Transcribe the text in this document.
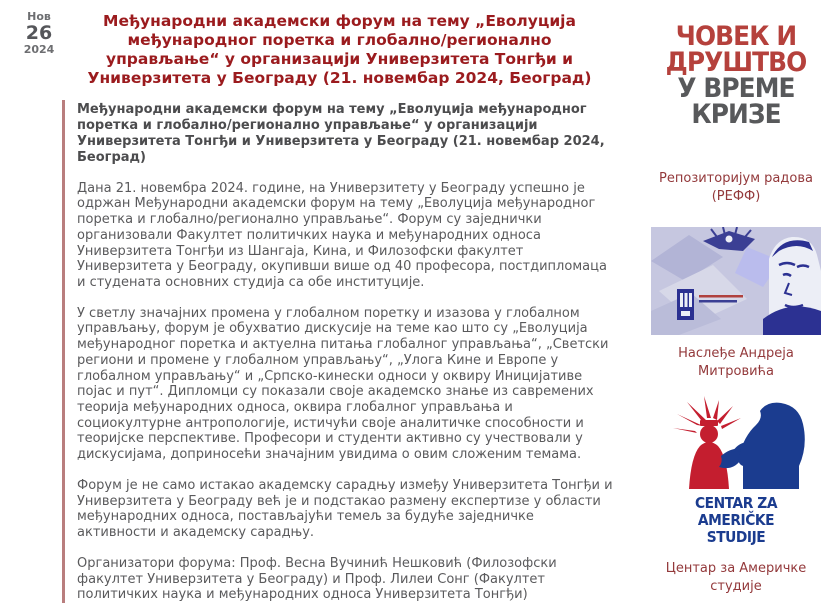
Нов
26
2024
Међународни академски форум на тему „Еволуција међународног поретка и глобално/регионално управљање“ у организацији Универзитета Тонгђи и Универзитета у Београду (21. новембар 2024, Београд)

Међународни академски форум на тему „Еволуција међународног поретка и глобално/регионално управљање“ у организацији Универзитета Тонгђи и Универзитета у Београду (21. новембар 2024, Београд)

Дана 21. новембра 2024. године, на Универзитету у Београду успешно је одржан Међународни академски форум на тему „Еволуција међународног поретка и глобално/регионално управљање“. Форум су заједнички организовали Факултет политичких наука и међународних односа Универзитета Тонгђи из Шангаја, Кина, и Филозофски факултет Универзитета у Београду, окупивши више од 40 професора, постдипломаца и студената основних студија са обе институције.

У светлу значајних промена у глобалном поретку и изазова у глобалном управљању, форум је обухватио дискусије на теме као што су „Еволуција међународног поретка и актуелна питања глобалног управљања“, „Светски региони и промене у глобалном управљању“, „Улога Кине и Европе у глобалном управљању“ и „Српско-кинески односи у оквиру Иницијативе појас и пут“. Дипломци су показали своје академско знање из савремених теорија међународних односа, оквира глобалног управљања и социокултурне антропологије, истичући своје аналитичке способности и теоријске перспективе. Професори и студенти активно су учествовали у дискусијама, доприносећи значајним увидима о овим сложеним темама.

Форум је не само истакао академску сарадњу између Универзитета Тонгђи и Универзитета у Београду већ је и подстакао размену експертизе у области међународних односа, постављајући темељ за будуће заједничке активности и академску сарадњу.

Организатори форума: Проф. Весна Вучинић Нешковић (Филозофски факултет Универзитета у Београду) и Проф. Лилеи Сонг (Факултет политичких наука и међународних односа Универзитета Тонгђи)

ЧОВЕК И
ДРУШТВО
У ВРЕМЕ
КРИЗЕ
Репозиторијум радова (РЕФФ)
Наслеђе Андреја Митровића
CENTAR ZA AMERIČKE
STUDIJE
Центар за Америчке студије
